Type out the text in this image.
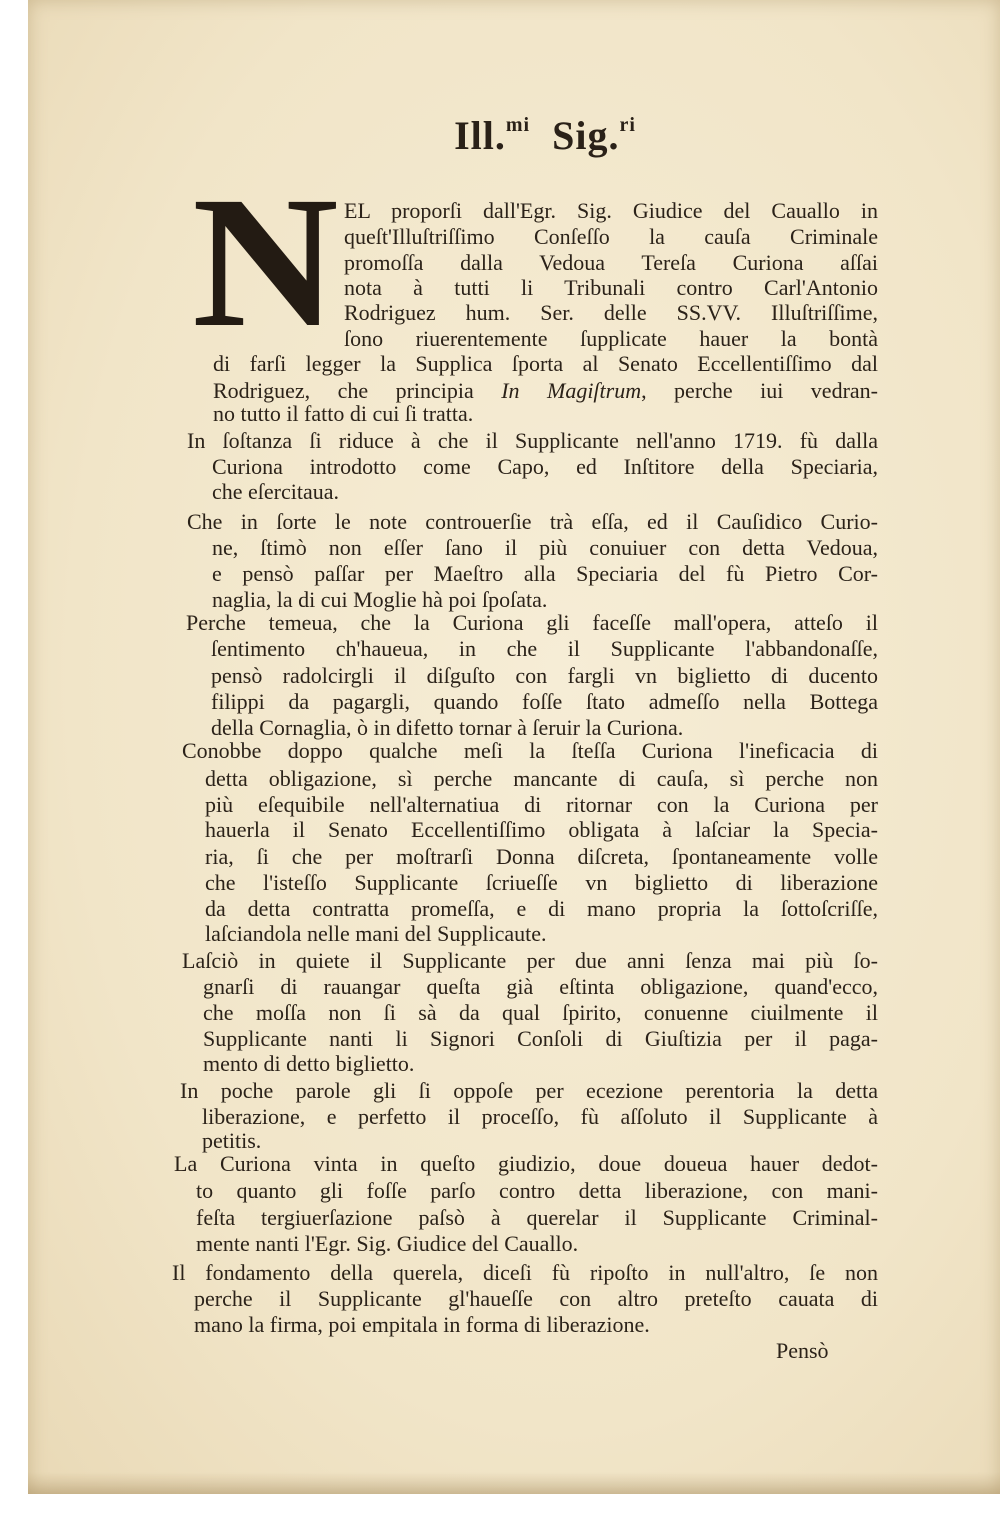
Ill.$^{mi}$ Sig.$^{ri}$
N EL proporſi dall'Egr. Sig. Giudice del Cauallo in
queſt'Illuſtriſſimo Conſeſſo la cauſa Criminale
promoſſa dalla Vedoua Tereſa Curiona aſſai
nota à tutti li Tribunali contro Carl'Antonio
Rodriguez hum. Ser. delle SS.VV. Illuſtriſſime,
ſono riuerentemente ſupplicate hauer la bontà
di farſi legger la Supplica ſporta al Senato Eccellentiſſimo dal
Rodriguez, che principia In Magiſtrum, perche iui vedran-
no tutto il fatto di cui ſi tratta.
In ſoſtanza ſi riduce à che il Supplicante nell'anno 1719. fù dalla
Curiona introdotto come Capo, ed Inſtitore della Speciaria,
che eſercitaua.
Che in ſorte le note controuerſie trà eſſa, ed il Cauſidico Curio-
ne, ſtimò non eſſer ſano il più conuiuer con detta Vedoua,
e pensò paſſar per Maeſtro alla Speciaria del fù Pietro Cor-
naglia, la di cui Moglie hà poi ſpoſata.
Perche temeua, che la Curiona gli faceſſe mall'opera, atteſo il
ſentimento ch'haueua, in che il Supplicante l'abbandonaſſe,
pensò radolcirgli il diſguſto con fargli vn biglietto di ducento
filippi da pagargli, quando foſſe ſtato admeſſo nella Bottega
della Cornaglia, ò in difetto tornar à ſeruir la Curiona.
Conobbe doppo qualche meſi la ſteſſa Curiona l'ineficacia di
detta obligazione, sì perche mancante di cauſa, sì perche non
più eſequibile nell'alternatiua di ritornar con la Curiona per
hauerla il Senato Eccellentiſſimo obligata à laſciar la Specia-
ria, ſi che per moſtrarſi Donna diſcreta, ſpontaneamente volle
che l'isteſſo Supplicante ſcriueſſe vn biglietto di liberazione
da detta contratta promeſſa, e di mano propria la ſottoſcriſſe,
laſciandola nelle mani del Supplicaute.
Laſciò in quiete il Supplicante per due anni ſenza mai più ſo-
gnarſi di rauangar queſta già eſtinta obligazione, quand'ecco,
che moſſa non ſi sà da qual ſpirito, conuenne ciuilmente il
Supplicante nanti li Signori Conſoli di Giuſtizia per il paga-
mento di detto biglietto.
In poche parole gli ſi oppoſe per ecezione perentoria la detta
liberazione, e perfetto il proceſſo, fù aſſoluto il Supplicante à
petitis.
La Curiona vinta in queſto giudizio, doue doueua hauer dedot-
to quanto gli foſſe parſo contro detta liberazione, con mani-
feſta tergiuerſazione paſsò à querelar il Supplicante Criminal-
mente nanti l'Egr. Sig. Giudice del Cauallo.
Il fondamento della querela, diceſi fù ripoſto in null'altro, ſe non
perche il Supplicante gl'haueſſe con altro preteſto cauata di
mano la firma, poi empitala in forma di liberazione.
Pensò
